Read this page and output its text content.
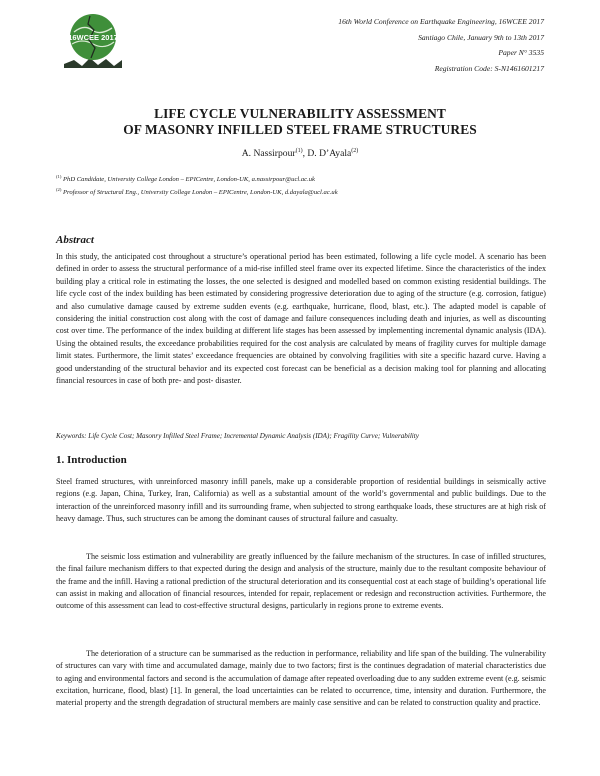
16WCEE 2017
16th World Conference on Earthquake Engineering, 16WCEE 2017
Santiago Chile, January 9th to 13th 2017
Paper N° 3535
Registration Code: S-N1461601217
LIFE CYCLE VULNERABILITY ASSESSMENT
OF MASONRY INFILLED STEEL FRAME STRUCTURES
A. Nassirpour$^{(1)}$, D. D’Ayala$^{(2)}$
$^{(1)}$ PhD Candidate, University College London – EPICentre, London-UK, a.nassirpour@ucl.ac.uk
$^{(2)}$ Professor of Structural Eng., University College London – EPICentre, London-UK, d.dayala@ucl.ac.uk
Abstract

In this study, the anticipated cost throughout a structure’s operational period has been estimated, following a life cycle model. A scenario has been defined in order to assess the structural performance of a mid-rise infilled steel frame over its expected lifetime. Since the characteristics of the index building play a critical role in estimating the losses, the one selected is designed and modelled based on common existing residential buildings. The life cycle cost of the index building has been estimated by considering progressive deterioration due to aging of the structure (e.g. corrosion, fatigue) and also cumulative damage caused by extreme sudden events (e.g. earthquake, hurricane, flood, blast, etc.). The adapted model is capable of considering the initial construction cost along with the cost of damage and failure consequences including death and injuries, as well as discounting cost over time. The performance of the index building at different life stages has been assessed by implementing incremental dynamic analysis (IDA). Using the obtained results, the exceedance probabilities required for the cost analysis are calculated by means of fragility curves for multiple damage limit states. Furthermore, the limit states’ exceedance frequencies are obtained by convolving fragilities with site a specific hazard curve. Having a good understanding of the structural behavior and its expected cost forecast can be beneficial as a decision making tool for planning and allocating financial resources in case of both pre- and post- disaster.

Keywords: Life Cycle Cost; Masonry Infilled Steel Frame; Incremental Dynamic Analysis (IDA); Fragility Curve; Vulnerability
1. Introduction

Steel framed structures, with unreinforced masonry infill panels, make up a considerable proportion of residential buildings in seismically active regions (e.g. Japan, China, Turkey, Iran, California) as well as a substantial amount of the world’s governmental and public buildings. Due to the interaction of the unreinforced masonry infill and its surrounding frame, when subjected to strong earthquake loads, these structures are at high risk of heavy damage. Thus, such structures can be among the dominant causes of structural failure and casualty.

The seismic loss estimation and vulnerability are greatly influenced by the failure mechanism of the structures. In case of infilled structures, the final failure mechanism differs to that expected during the design and analysis of the structure, mainly due to the resultant composite behaviour of the frame and the infill. Having a rational prediction of the structural deterioration and its consequential cost at each stage of building’s operational life can assist in making and allocation of financial resources, intended for repair, replacement or redesign and reconstruction activities. Furthermore, the outcome of this assessment can lead to cost-effective structural designs, particularly in regions prone to extreme events.

The deterioration of a structure can be summarised as the reduction in performance, reliability and life span of the building. The vulnerability of structures can vary with time and accumulated damage, mainly due to two factors; first is the continues degradation of material characteristics due to aging and environmental factors and second is the accumulation of damage after repeated overloading due to any sudden extreme event (e.g. seismic excitation, hurricane, flood, blast) [1]. In general, the load uncertainties can be related to occurrence, time, intensity and duration. Furthermore, the material property and the strength degradation of structural members are mainly case sensitive and can be related to construction quality and practice.
